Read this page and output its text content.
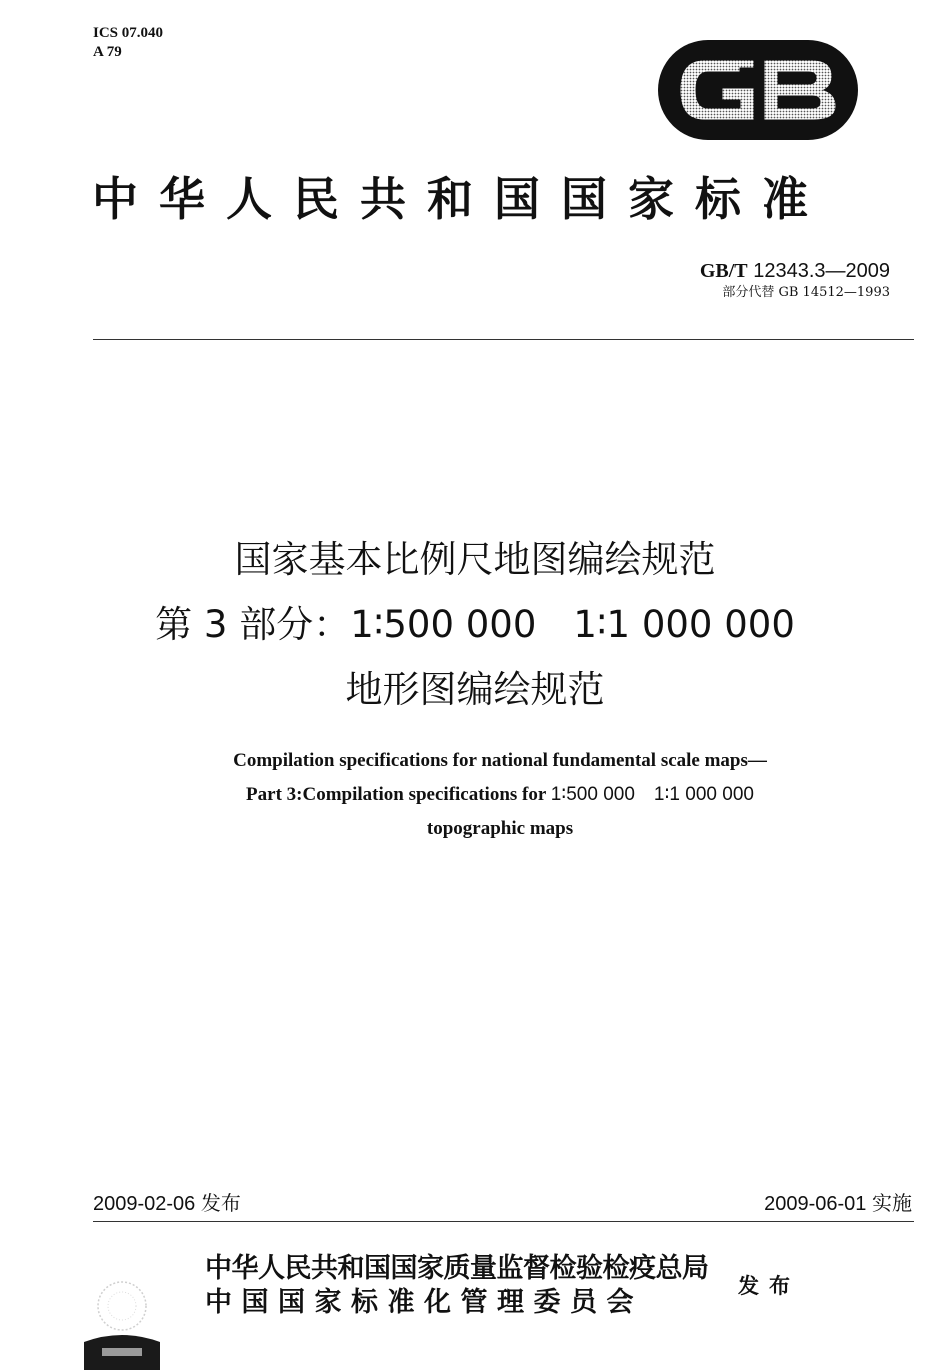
ICS 07.040
A 79
中华人民共和国国家标准
GB/T 12343.3—2009
部分代替 GB 14512—1993
国家基本比例尺地图编绘规范
第 3 部分：1∶500 000　1∶1 000 000
地形图编绘规范
Compilation specifications for national fundamental scale maps—
Part 3:Compilation specifications for 1∶500 000　1∶1 000 000
topographic maps
2009-02-06 发布	2009-06-01 实施
中华人民共和国国家质量监督检验检疫总局
中国国家标准化管理委员会
发布
